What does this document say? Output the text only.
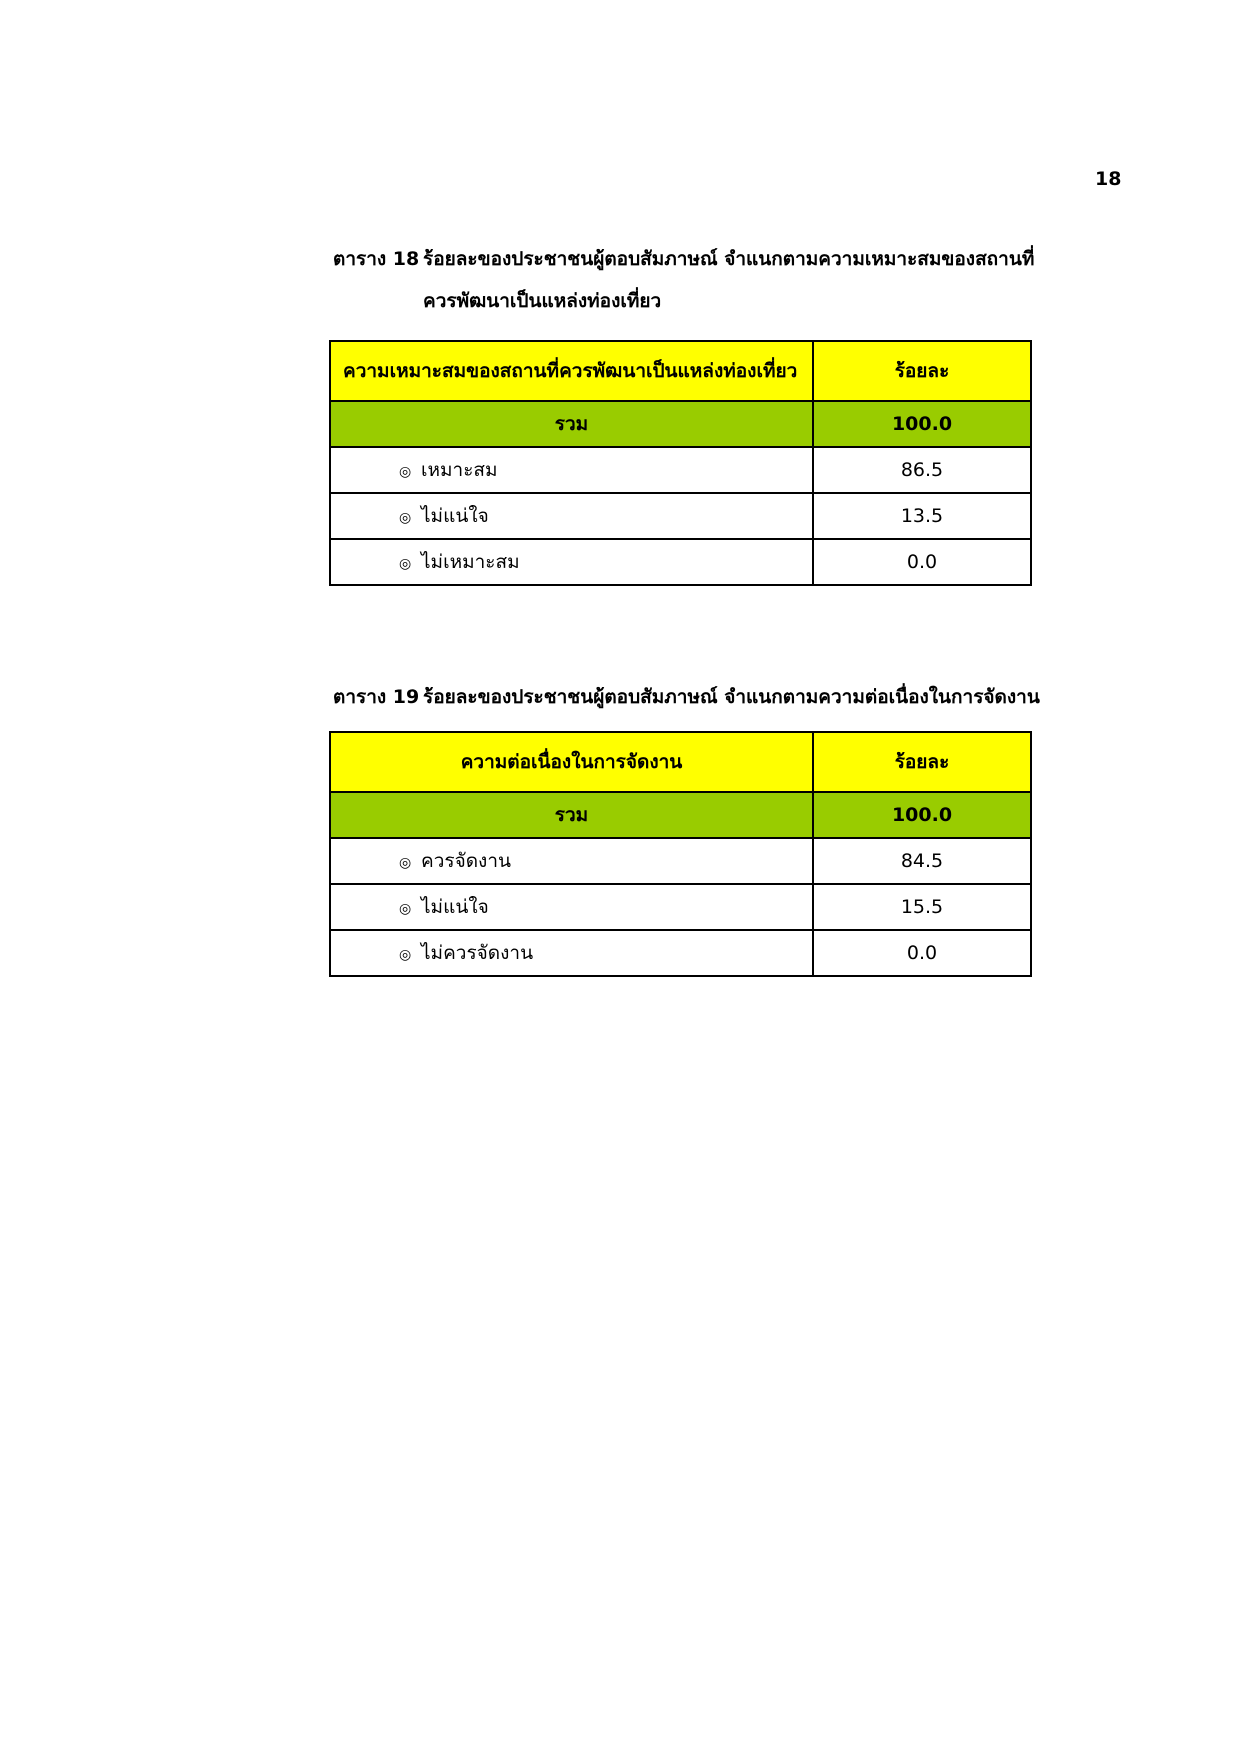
18
ตาราง 18 ร้อยละของประชาชนผู้ตอบสัมภาษณ์ จำแนกตามความเหมาะสมของสถานที่
ควรพัฒนาเป็นแหล่งท่องเที่ยว
ความเหมาะสมของสถานที่ควรพัฒนาเป็นแหล่งท่องเที่ยว	ร้อยละ
รวม	100.0
◎ เหมาะสม	86.5
◎ ไม่แน่ใจ	13.5
◎ ไม่เหมาะสม	0.0
ตาราง 19 ร้อยละของประชาชนผู้ตอบสัมภาษณ์ จำแนกตามความต่อเนื่องในการจัดงาน
ความต่อเนื่องในการจัดงาน	ร้อยละ
รวม	100.0
◎ ควรจัดงาน	84.5
◎ ไม่แน่ใจ	15.5
◎ ไม่ควรจัดงาน	0.0
